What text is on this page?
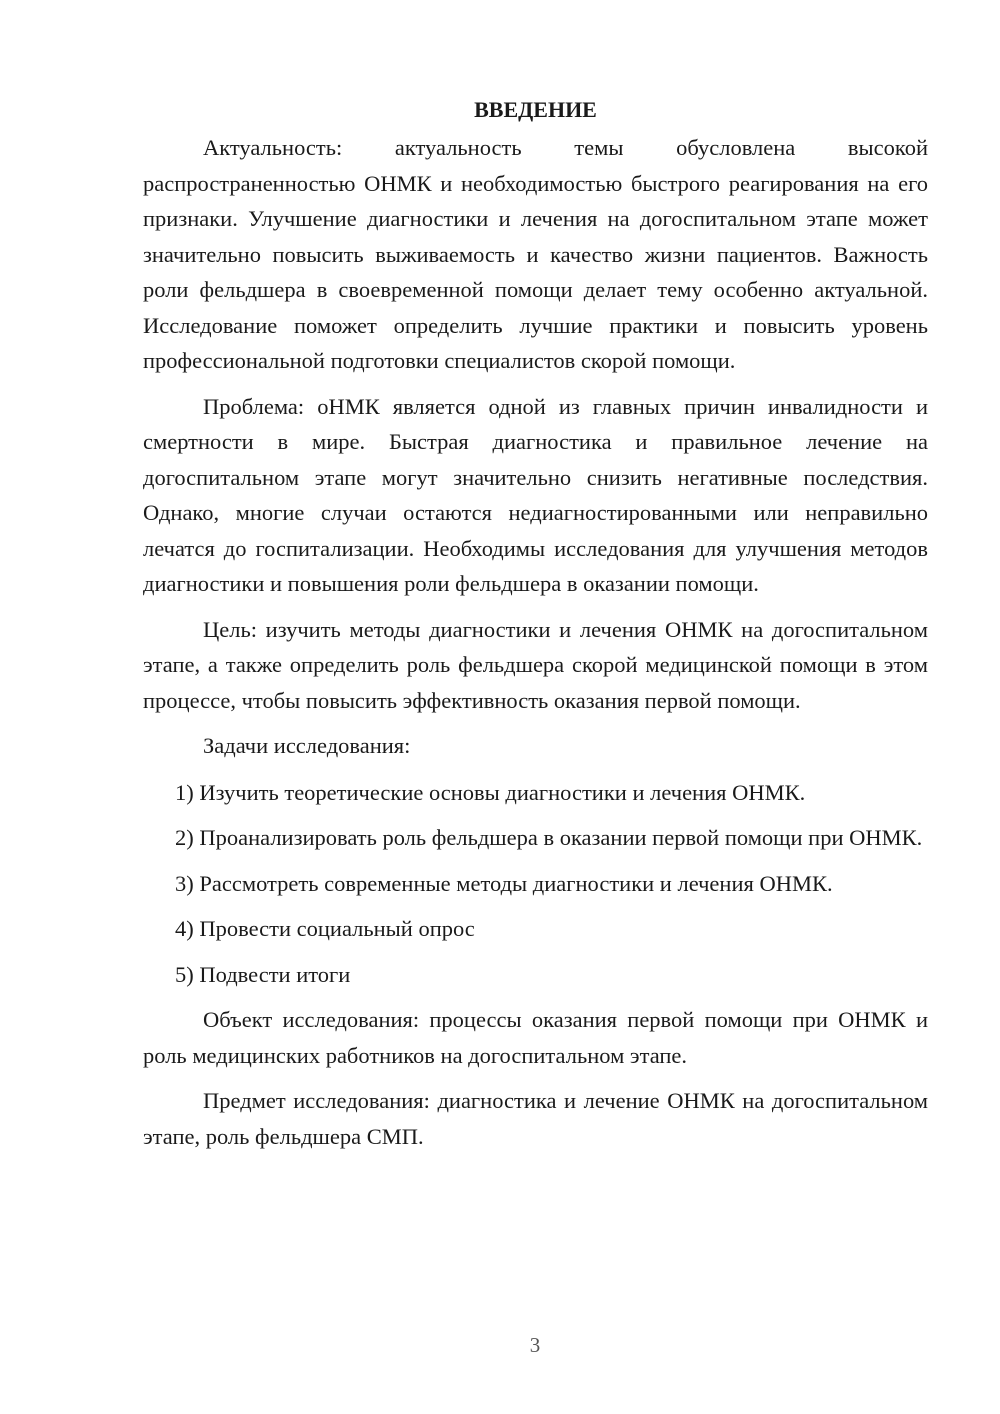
ВВЕДЕНИЕ

Актуальность: актуальность темы обусловлена высокой распространенностью ОНМК и необходимостью быстрого реагирования на его признаки. Улучшение диагностики и лечения на догоспитальном этапе может значительно повысить выживаемость и качество жизни пациентов. Важность роли фельдшера в своевременной помощи делает тему особенно актуальной. Исследование поможет определить лучшие практики и повысить уровень профессиональной подготовки специалистов скорой помощи.

Проблема: оНМК является одной из главных причин инвалидности и смертности в мире. Быстрая диагностика и правильное лечение на догоспитальном этапе могут значительно снизить негативные последствия. Однако, многие случаи остаются недиагностированными или неправильно лечатся до госпитализации. Необходимы исследования для улучшения методов диагностики и повышения роли фельдшера в оказании помощи.

Цель: изучить методы диагностики и лечения ОНМК на догоспитальном этапе, а также определить роль фельдшера скорой медицинской помощи в этом процессе, чтобы повысить эффективность оказания первой помощи.

Задачи исследования:

1) Изучить теоретические основы диагностики и лечения ОНМК.

2) Проанализировать роль фельдшера в оказании первой помощи при ОНМК.

3) Рассмотреть современные методы диагностики и лечения ОНМК.

4) Провести социальный опрос

5) Подвести итоги

Объект исследования: процессы оказания первой помощи при ОНМК и роль медицинских работников на догоспитальном этапе.

Предмет исследования: диагностика и лечение ОНМК на догоспитальном этапе, роль фельдшера СМП.

3
